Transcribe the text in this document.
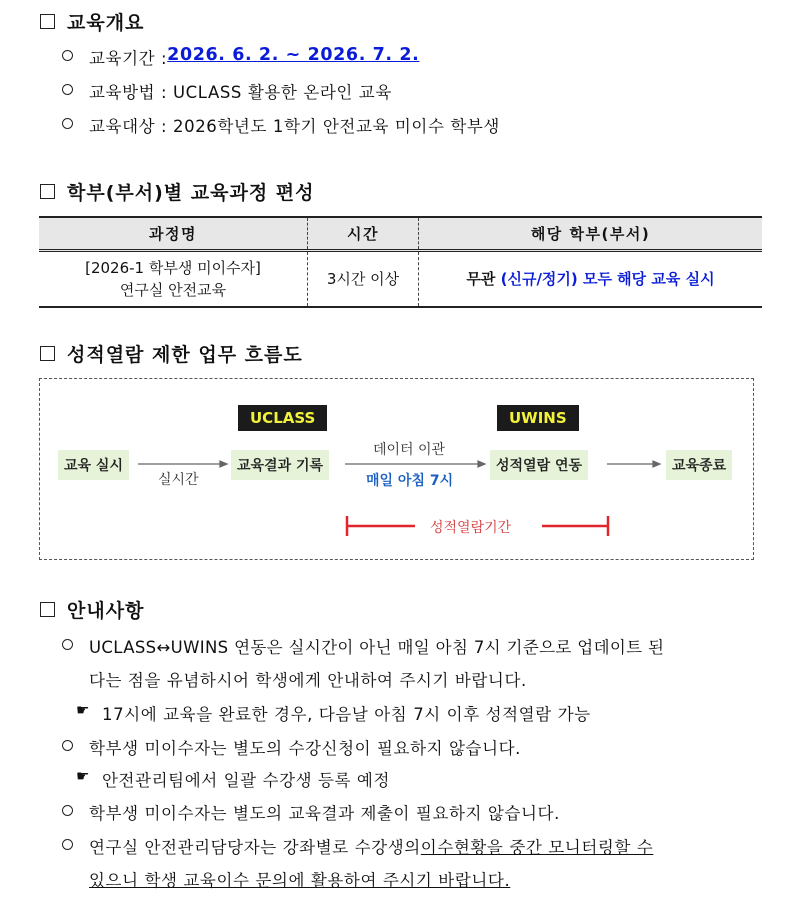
교육개요
교육기간 : 2026. 6. 2. ~ 2026. 7. 2.
교육방법 : UCLASS 활용한 온라인 교육
교육대상 : 2026학년도 1학기 안전교육 미이수 학부생
학부(부서)별 교육과정 편성
과정명	시간	해당 학부(부서)
[2026-1 학부생 미이수자]
연구실 안전교육	3시간 이상	무관 (신규/정기) 모두 해당 교육 실시
성적열람 제한 업무 흐름도
UCLASS	UWINS
교육 실시	교육결과 기록	성적열람 연동	교육종료
실시간
데이터 이관
매일 아침 7시
성적열람기간
안내사항
UCLASS↔UWINS 연동은 실시간이 아닌 매일 아침 7시 기준으로 업데이트 된
다는 점을 유념하시어 학생에게 안내하여 주시기 바랍니다.
☛ 17시에 교육을 완료한 경우, 다음날 아침 7시 이후 성적열람 가능
학부생 미이수자는 별도의 수강신청이 필요하지 않습니다.
☛ 안전관리팀에서 일괄 수강생 등록 예정
학부생 미이수자는 별도의 교육결과 제출이 필요하지 않습니다.
연구실 안전관리담당자는 강좌별로 수강생의 이수현황을 중간 모니터링할 수
있으니 학생 교육이수 문의에 활용하여 주시기 바랍니다.
